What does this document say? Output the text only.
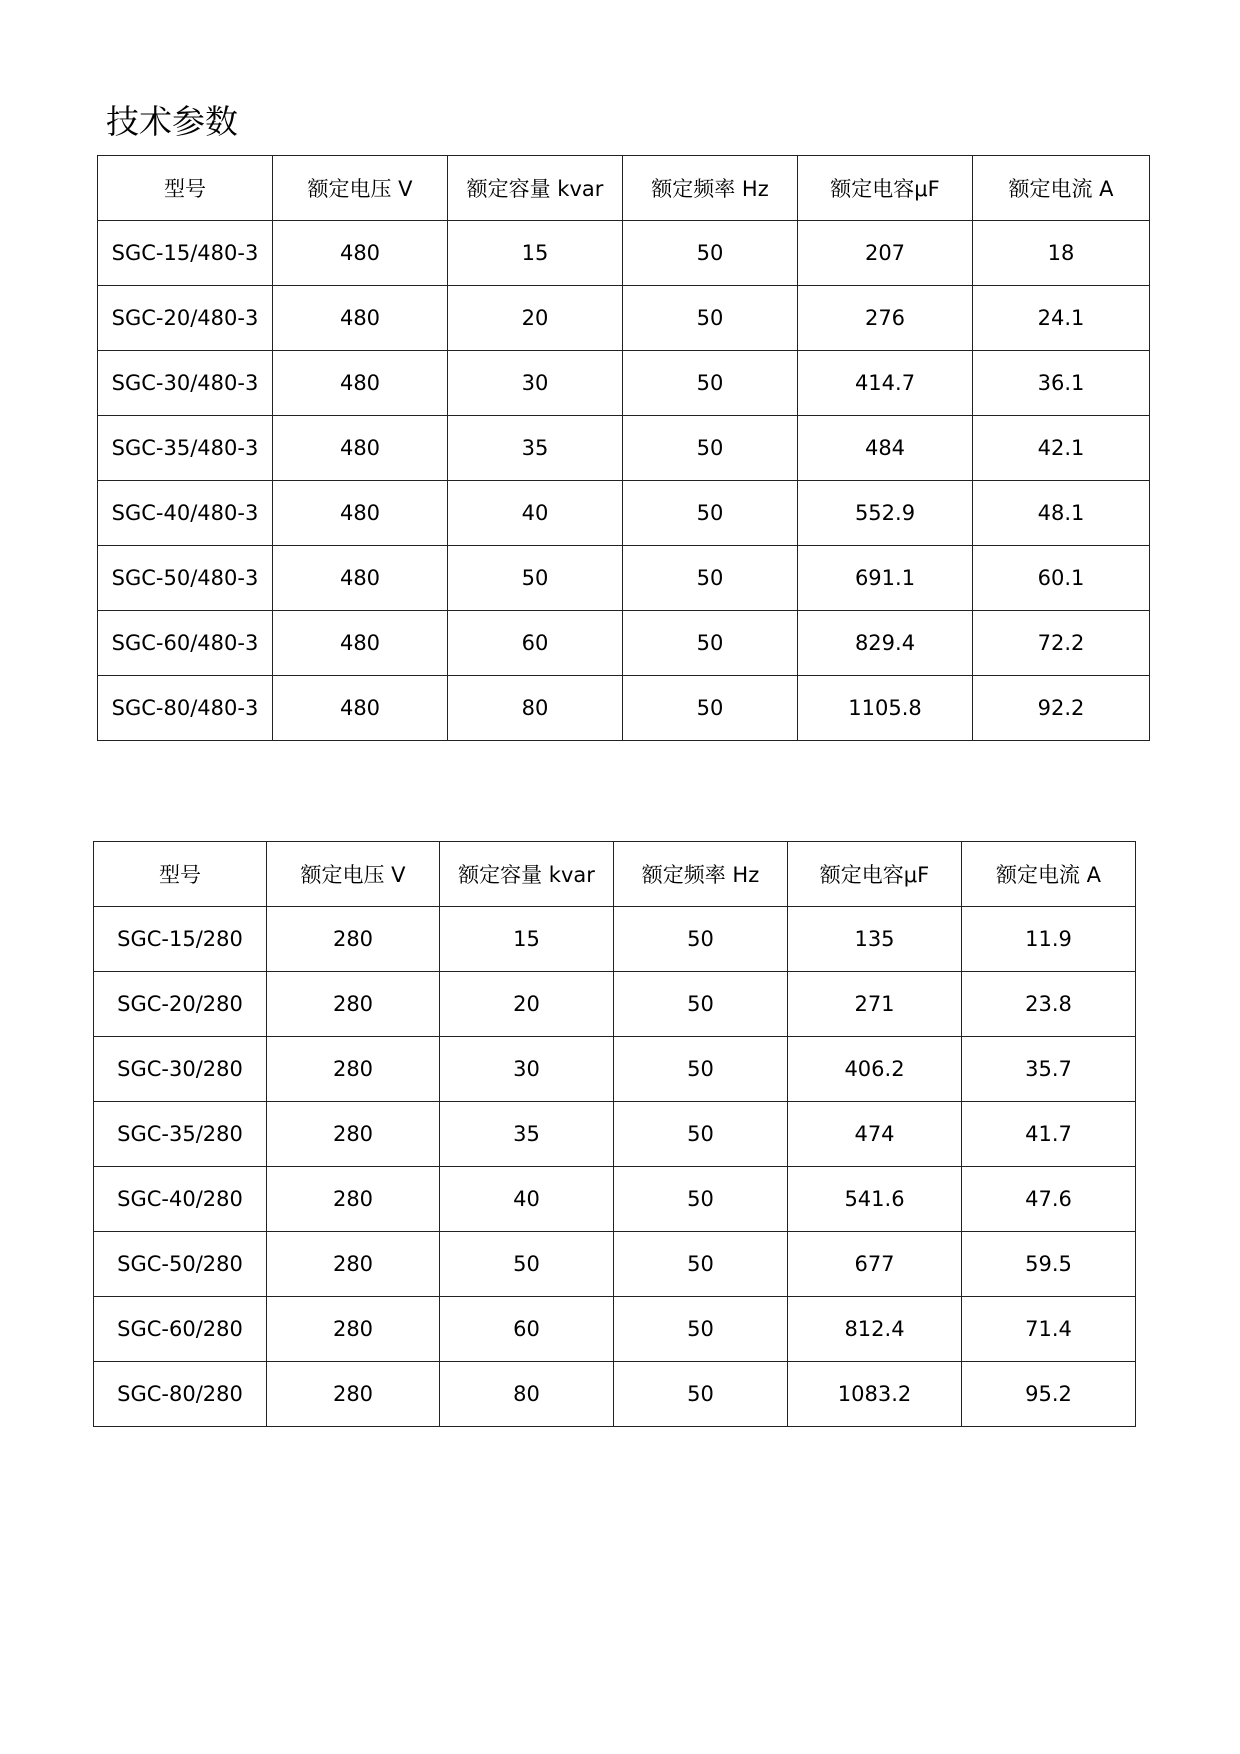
技术参数
型号	额定电压 V	额定容量 kvar	额定频率 Hz	额定电容μF	额定电流 A
SGC-15/480-3	480	15	50	207	18
SGC-20/480-3	480	20	50	276	24.1
SGC-30/480-3	480	30	50	414.7	36.1
SGC-35/480-3	480	35	50	484	42.1
SGC-40/480-3	480	40	50	552.9	48.1
SGC-50/480-3	480	50	50	691.1	60.1
SGC-60/480-3	480	60	50	829.4	72.2
SGC-80/480-3	480	80	50	1105.8	92.2
型号	额定电压 V	额定容量 kvar	额定频率 Hz	额定电容μF	额定电流 A
SGC-15/280	280	15	50	135	11.9
SGC-20/280	280	20	50	271	23.8
SGC-30/280	280	30	50	406.2	35.7
SGC-35/280	280	35	50	474	41.7
SGC-40/280	280	40	50	541.6	47.6
SGC-50/280	280	50	50	677	59.5
SGC-60/280	280	60	50	812.4	71.4
SGC-80/280	280	80	50	1083.2	95.2
